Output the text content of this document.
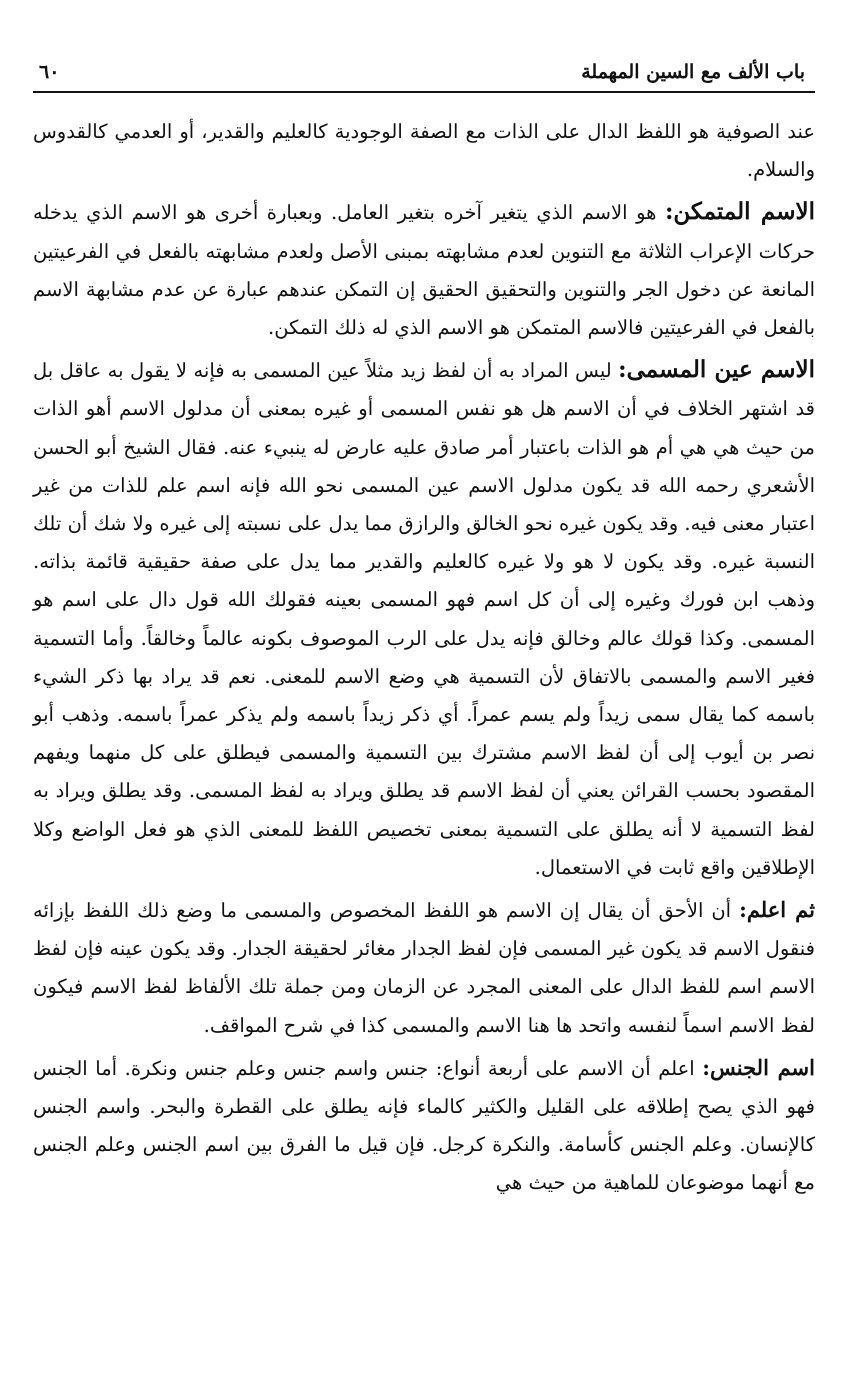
باب الألف مع السين المهملة
٦٠

عند الصوفية هو اللفظ الدال على الذات مع الصفة الوجودية كالعليم والقدير، أو العدمي كالقدوس والسلام.

الاسم المتمكن: هو الاسم الذي يتغير آخره بتغير العامل. وبعبارة أخرى هو الاسم الذي يدخله حركات الإعراب الثلاثة مع التنوين لعدم مشابهته بمبنى الأصل ولعدم مشابهته بالفعل في الفرعيتين المانعة عن دخول الجر والتنوين والتحقيق الحقيق إن التمكن عندهم عبارة عن عدم مشابهة الاسم بالفعل في الفرعيتين فالاسم المتمكن هو الاسم الذي له ذلك التمكن.

الاسم عين المسمى: ليس المراد به أن لفظ زيد مثلاً عين المسمى به فإنه لا يقول به عاقل بل قد اشتهر الخلاف في أن الاسم هل هو نفس المسمى أو غيره بمعنى أن مدلول الاسم أهو الذات من حيث هي هي أم هو الذات باعتبار أمر صادق عليه عارض له ينبيء عنه. فقال الشيخ أبو الحسن الأشعري رحمه الله قد يكون مدلول الاسم عين المسمى نحو الله فإنه اسم علم للذات من غير اعتبار معنى فيه. وقد يكون غيره نحو الخالق والرازق مما يدل على نسبته إلى غيره ولا شك أن تلك النسبة غيره. وقد يكون لا هو ولا غيره كالعليم والقدير مما يدل على صفة حقيقية قائمة بذاته. وذهب ابن فورك وغيره إلى أن كل اسم فهو المسمى بعينه فقولك الله قول دال على اسم هو المسمى. وكذا قولك عالم وخالق فإنه يدل على الرب الموصوف بكونه عالماً وخالقاً. وأما التسمية فغير الاسم والمسمى بالاتفاق لأن التسمية هي وضع الاسم للمعنى. نعم قد يراد بها ذكر الشيء باسمه كما يقال سمى زيداً ولم يسم عمراً. أي ذكر زيداً باسمه ولم يذكر عمراً باسمه. وذهب أبو نصر بن أيوب إلى أن لفظ الاسم مشترك بين التسمية والمسمى فيطلق على كل منهما ويفهم المقصود بحسب القرائن يعني أن لفظ الاسم قد يطلق ويراد به لفظ المسمى. وقد يطلق ويراد به لفظ التسمية لا أنه يطلق على التسمية بمعنى تخصيص اللفظ للمعنى الذي هو فعل الواضع وكلا الإطلاقين واقع ثابت في الاستعمال.

ثم اعلم: أن الأحق أن يقال إن الاسم هو اللفظ المخصوص والمسمى ما وضع ذلك اللفظ بإزائه فنقول الاسم قد يكون غير المسمى فإن لفظ الجدار مغائر لحقيقة الجدار. وقد يكون عينه فإن لفظ الاسم اسم للفظ الدال على المعنى المجرد عن الزمان ومن جملة تلك الألفاظ لفظ الاسم فيكون لفظ الاسم اسماً لنفسه واتحد ها هنا الاسم والمسمى كذا في شرح المواقف.

اسم الجنس: اعلم أن الاسم على أربعة أنواع: جنس واسم جنس وعلم جنس ونكرة. أما الجنس فهو الذي يصح إطلاقه على القليل والكثير كالماء فإنه يطلق على القطرة والبحر. واسم الجنس كالإنسان. وعلم الجنس كأسامة. والنكرة كرجل. فإن قيل ما الفرق بين اسم الجنس وعلم الجنس مع أنهما موضوعان للماهية من حيث هي
